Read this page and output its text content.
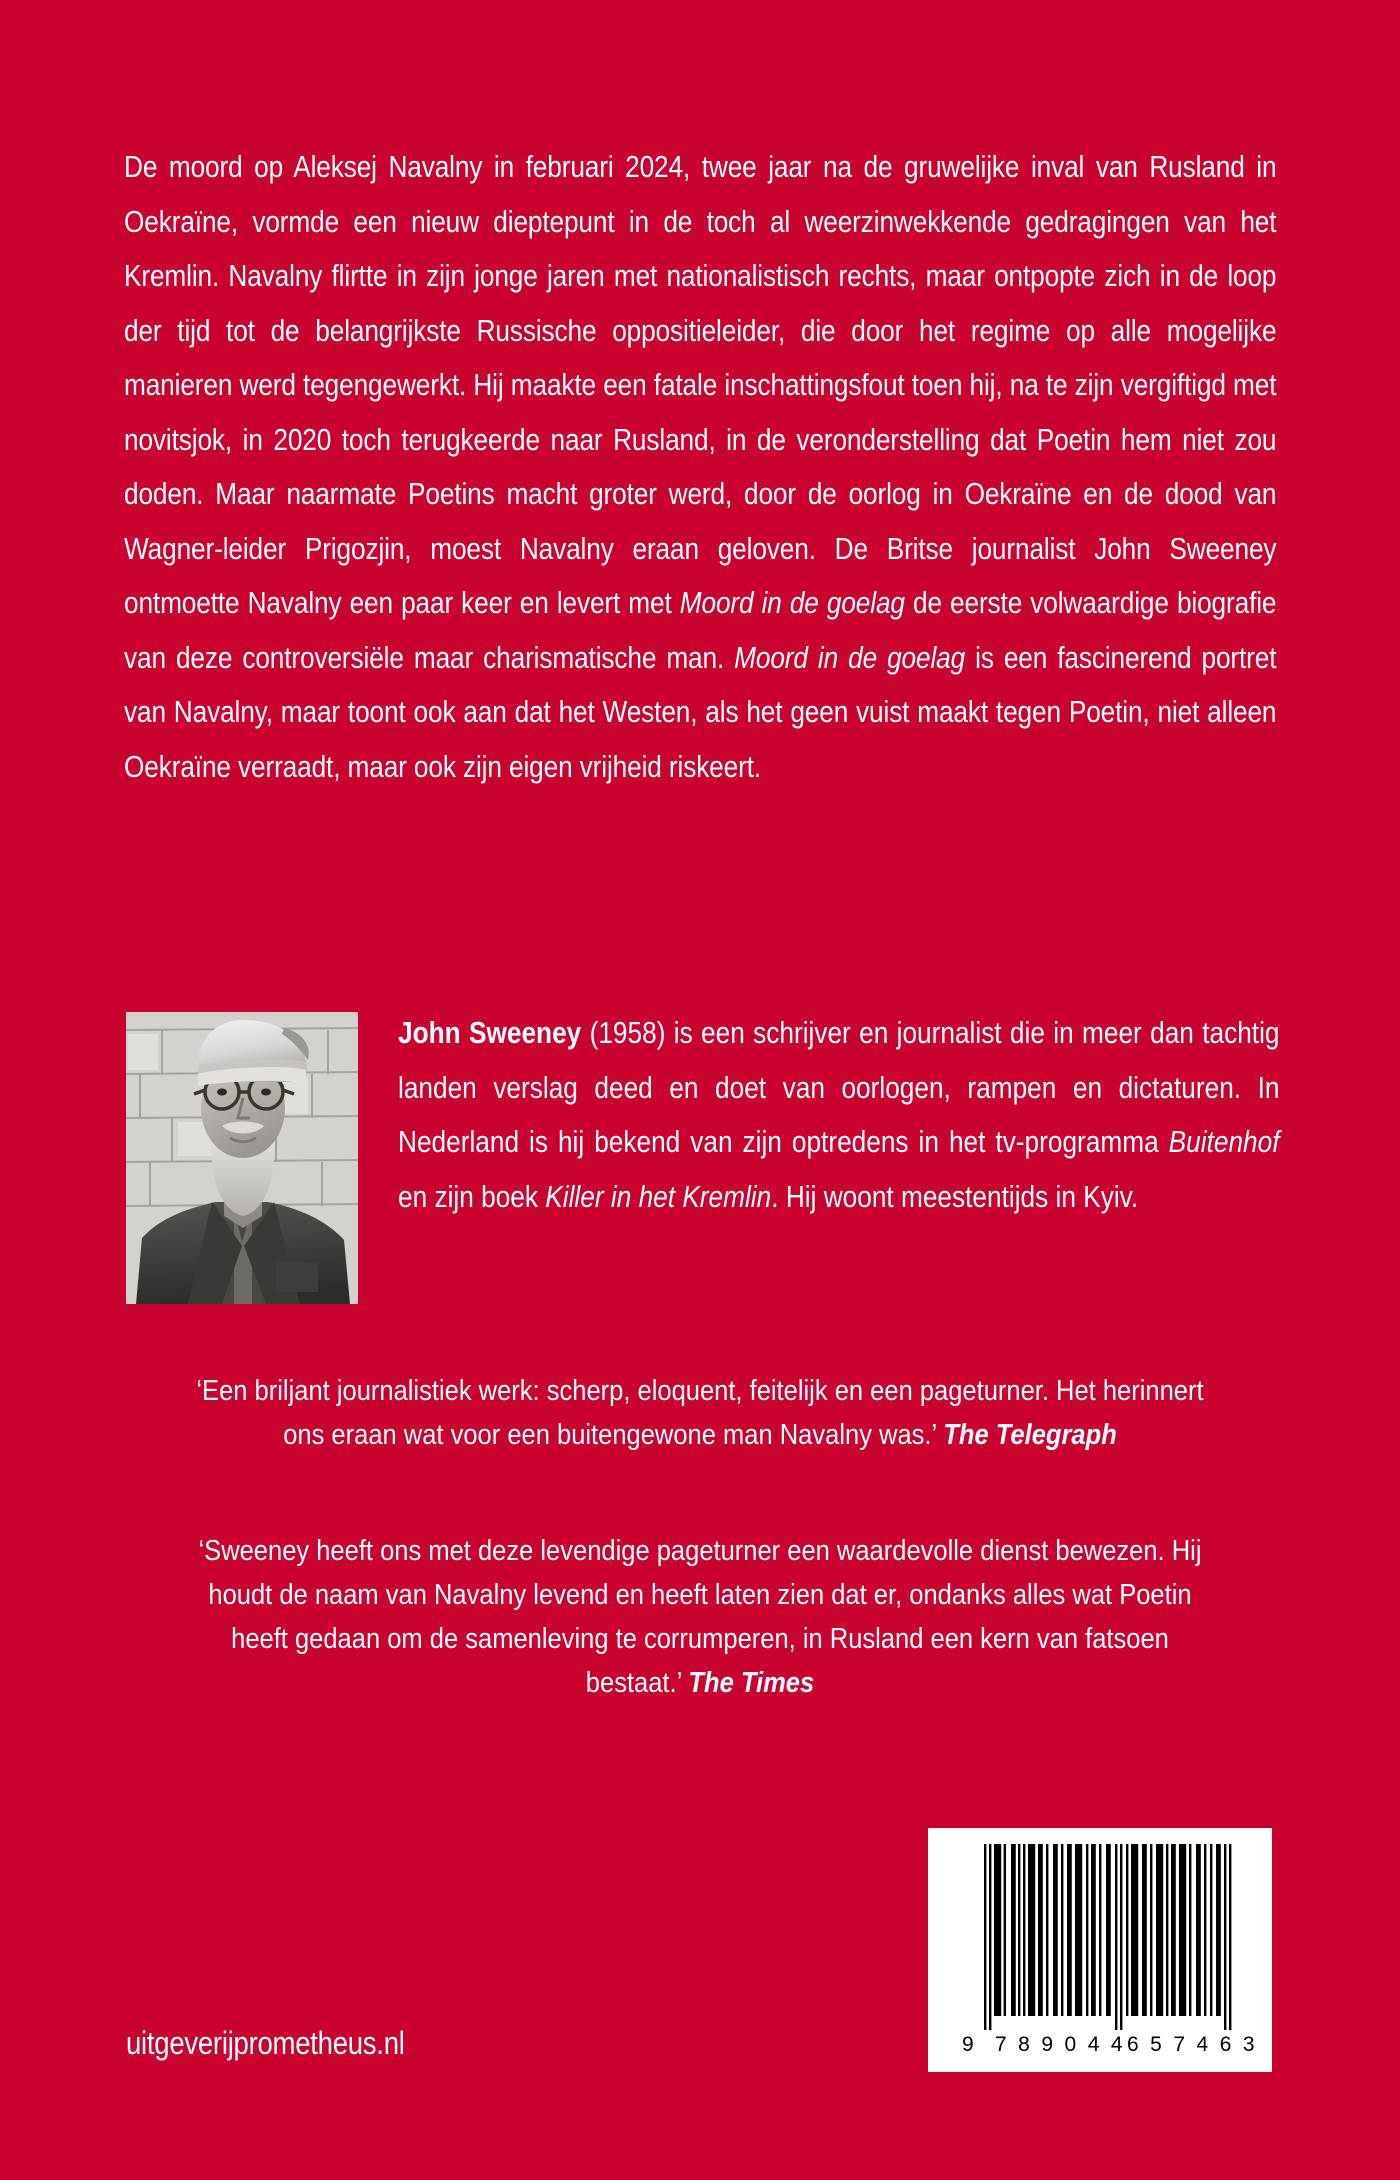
De moord op Aleksej Navalny in februari 2024, twee jaar na de gruwelijke inval van Rusland in Oekraïne, vormde een nieuw dieptepunt in de toch al weerzinwekkende gedragingen van het Kremlin. Navalny flirtte in zijn jonge jaren met nationalistisch rechts, maar ontpopte zich in de loop der tijd tot de belangrijkste Russische oppositieleider, die door het regime op alle mogelijke manieren werd tegengewerkt. Hij maakte een fatale inschattingsfout toen hij, na te zijn vergiftigd met novitsjok, in 2020 toch terugkeerde naar Rusland, in de veronderstelling dat Poetin hem niet zou doden. Maar naarmate Poetins macht groter werd, door de oorlog in Oekraïne en de dood van Wagner-leider Prigozjin, moest Navalny eraan geloven. De Britse journalist John Sweeney ontmoette Navalny een paar keer en levert met Moord in de goelag de eerste volwaardige biografie van deze controversiële maar charismatische man. Moord in de goelag is een fascinerend portret van Navalny, maar toont ook aan dat het Westen, als het geen vuist maakt tegen Poetin, niet alleen Oekraïne verraadt, maar ook zijn eigen vrijheid riskeert.
John Sweeney (1958) is een schrijver en journalist die in meer dan tachtig landen verslag deed en doet van oorlogen, rampen en dictaturen. In Nederland is hij bekend van zijn optredens in het tv-programma Buitenhof en zijn boek Killer in het Kremlin. Hij woont meestentijds in Kyiv.
‘Een briljant journalistiek werk: scherp, eloquent, feitelijk en een pageturner. Het herinnert ons eraan wat voor een buitengewone man Navalny was.’ The Telegraph
‘Sweeney heeft ons met deze levendige pageturner een waardevolle dienst bewezen. Hij houdt de naam van Navalny levend en heeft laten zien dat er, ondanks alles wat Poetin heeft gedaan om de samenleving te corrumperen, in Rusland een kern van fatsoen bestaat.’ The Times
9 789044
657463
uitgeverijprometheus.nl
